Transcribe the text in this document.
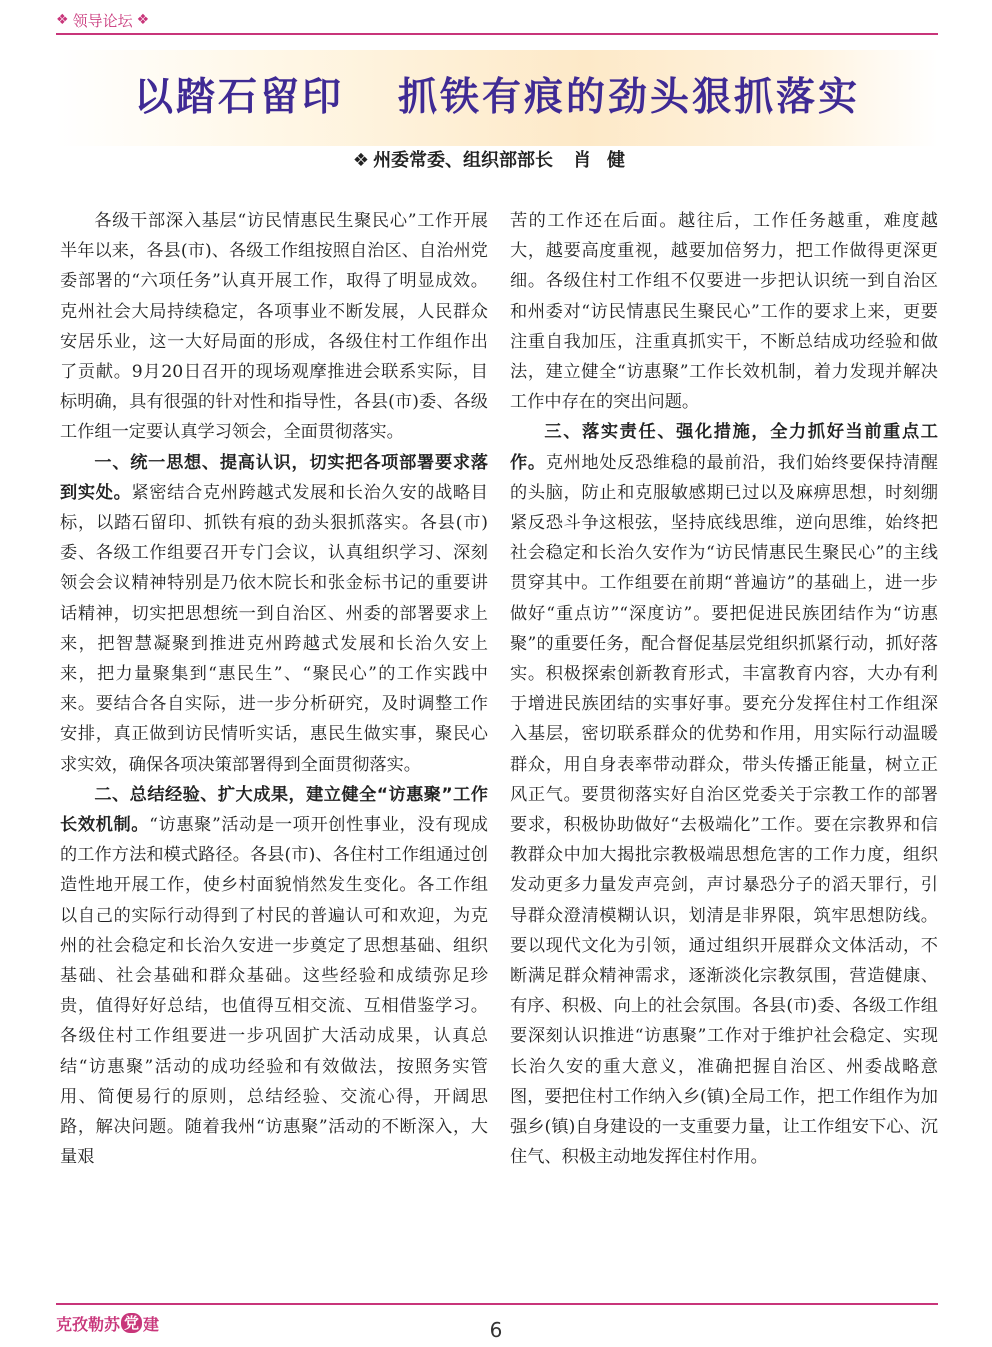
❖ 领导论坛 ❖
以踏石留印 抓铁有痕的劲头狠抓落实
❖ 州委常委、组织部部长 肖健

各级干部深入基层“访民情惠民生聚民心”工作开展半年以来，各县(市)、各级工作组按照自治区、自治州党委部署的“六项任务”认真开展工作，取得了明显成效。克州社会大局持续稳定，各项事业不断发展，人民群众安居乐业，这一大好局面的形成，各级住村工作组作出了贡献。9月20日召开的现场观摩推进会联系实际，目标明确，具有很强的针对性和指导性，各县(市)委、各级工作组一定要认真学习领会，全面贯彻落实。

一、统一思想、提高认识，切实把各项部署要求落到实处。紧密结合克州跨越式发展和长治久安的战略目标，以踏石留印、抓铁有痕的劲头狠抓落实。各县(市)委、各级工作组要召开专门会议，认真组织学习、深刻领会会议精神特别是乃依木院长和张金标书记的重要讲话精神，切实把思想统一到自治区、州委的部署要求上来，把智慧凝聚到推进克州跨越式发展和长治久安上来，把力量聚集到“惠民生”、“聚民心”的工作实践中来。要结合各自实际，进一步分析研究，及时调整工作安排，真正做到访民情听实话，惠民生做实事，聚民心求实效，确保各项决策部署得到全面贯彻落实。

二、总结经验、扩大成果，建立健全“访惠聚”工作长效机制。“访惠聚”活动是一项开创性事业，没有现成的工作方法和模式路径。各县(市)、各住村工作组通过创造性地开展工作，使乡村面貌悄然发生变化。各工作组以自己的实际行动得到了村民的普遍认可和欢迎，为克州的社会稳定和长治久安进一步奠定了思想基础、组织基础、社会基础和群众基础。这些经验和成绩弥足珍贵，值得好好总结，也值得互相交流、互相借鉴学习。各级住村工作组要进一步巩固扩大活动成果，认真总结“访惠聚”活动的成功经验和有效做法，按照务实管用、简便易行的原则，总结经验、交流心得，开阔思路，解决问题。随着我州“访惠聚”活动的不断深入，大量艰

苦的工作还在后面。越往后，工作任务越重，难度越大，越要高度重视，越要加倍努力，把工作做得更深更细。各级住村工作组不仅要进一步把认识统一到自治区和州委对“访民情惠民生聚民心”工作的要求上来，更要注重自我加压，注重真抓实干，不断总结成功经验和做法，建立健全“访惠聚”工作长效机制，着力发现并解决工作中存在的突出问题。

三、落实责任、强化措施，全力抓好当前重点工作。克州地处反恐维稳的最前沿，我们始终要保持清醒的头脑，防止和克服敏感期已过以及麻痹思想，时刻绷紧反恐斗争这根弦，坚持底线思维，逆向思维，始终把社会稳定和长治久安作为“访民情惠民生聚民心”的主线贯穿其中。工作组要在前期“普遍访”的基础上，进一步做好“重点访”“深度访”。要把促进民族团结作为“访惠聚”的重要任务，配合督促基层党组织抓紧行动，抓好落实。积极探索创新教育形式，丰富教育内容，大办有利于增进民族团结的实事好事。要充分发挥住村工作组深入基层，密切联系群众的优势和作用，用实际行动温暖群众，用自身表率带动群众，带头传播正能量，树立正风正气。要贯彻落实好自治区党委关于宗教工作的部署要求，积极协助做好“去极端化”工作。要在宗教界和信教群众中加大揭批宗教极端思想危害的工作力度，组织发动更多力量发声亮剑，声讨暴恐分子的滔天罪行，引导群众澄清模糊认识，划清是非界限，筑牢思想防线。要以现代文化为引领，通过组织开展群众文体活动，不断满足群众精神需求，逐渐淡化宗教氛围，营造健康、有序、积极、向上的社会氛围。各县(市)委、各级工作组要深刻认识推进“访惠聚”工作对于维护社会稳定、实现长治久安的重大意义，准确把握自治区、州委战略意图，要把住村工作纳入乡(镇)全局工作，把工作组作为加强乡(镇)自身建设的一支重要力量，让工作组安下心、沉住气、积极主动地发挥住村作用。

克孜勒苏 党 建	6
